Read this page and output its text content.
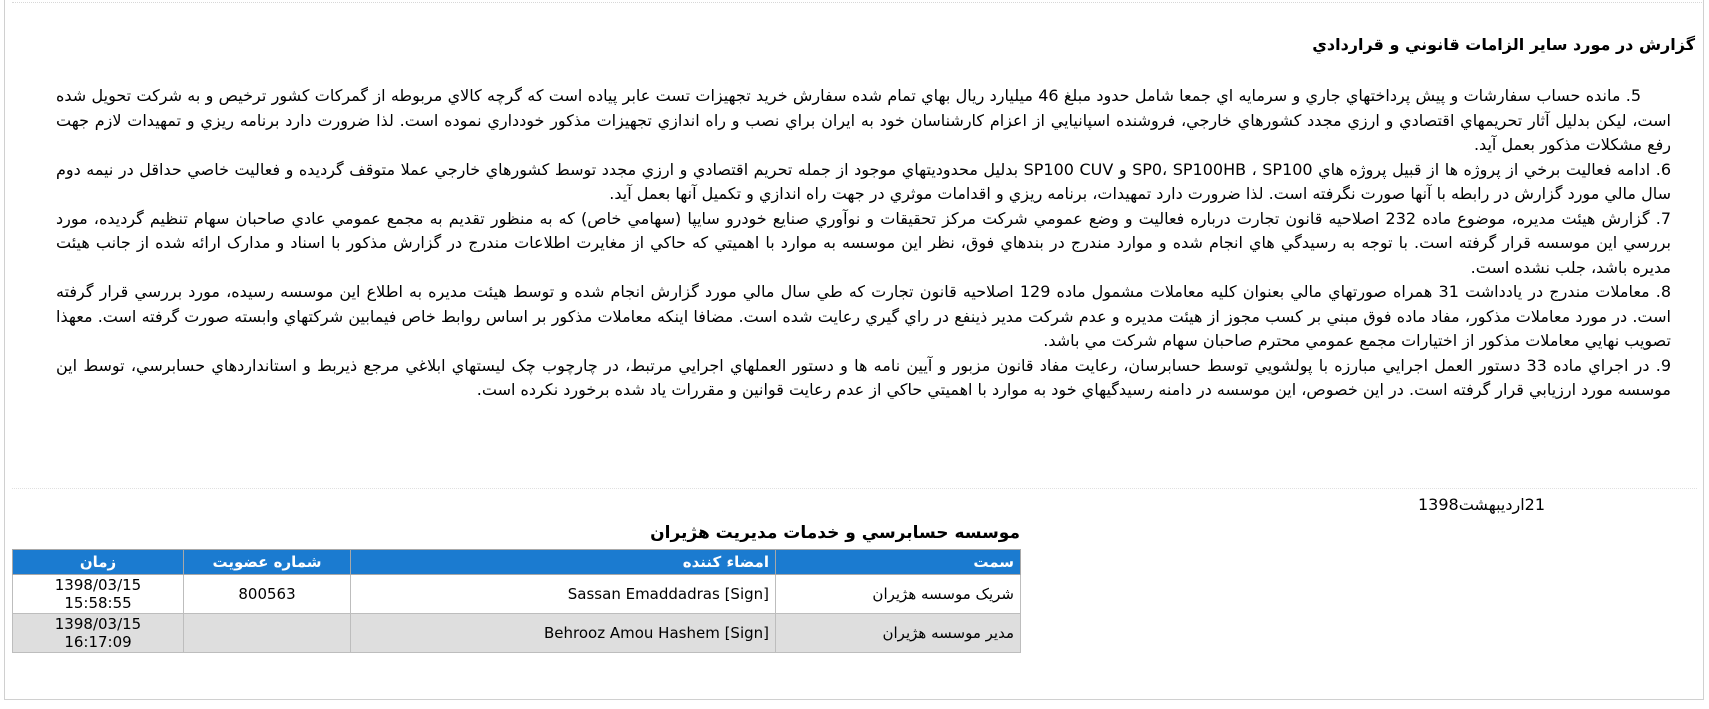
گزارش در مورد ساير الزامات قانوني و قراردادي

5. مانده حساب سفارشات و پيش پرداختهاي جاري و سرمايه اي جمعا شامل حدود مبلغ 46 ميليارد ريال بهاي تمام شده سفارش خريد تجهيزات تست عابر پياده است که گرچه کالاي مربوطه از گمرکات کشور ترخيص و به شرکت تحويل شده است، ليکن بدليل آثار تحريمهاي اقتصادي و ارزي مجدد کشورهاي خارجي، فروشنده اسپانيايي از اعزام کارشناسان خود به ايران براي نصب و راه اندازي تجهيزات مذکور خودداري نموده است. لذا ضرورت دارد برنامه ريزي و تمهيدات لازم جهت رفع مشکلات مذکور بعمل آيد.

6. ادامه فعاليت برخي از پروژه ها از قبيل پروژه هاي SP0، SP100HB ، SP100 و SP100 CUV بدليل محدوديتهاي موجود از جمله تحريم اقتصادي و ارزي مجدد توسط کشورهاي خارجي عملا متوقف گرديده و فعاليت خاصي حداقل در نيمه دوم سال مالي مورد گزارش در رابطه با آنها صورت نگرفته است. لذا ضرورت دارد تمهيدات، برنامه ريزي و اقدامات موثري در جهت راه اندازي و تکميل آنها بعمل آيد.

7. گزارش هيئت مديره، موضوع ماده 232 اصلاحيه قانون تجارت درباره فعاليت و وضع عمومي شرکت مرکز تحقيقات و نوآوري صنايع خودرو سايپا (سهامي خاص) که به منظور تقديم به مجمع عمومي عادي صاحبان سهام تنظيم گرديده، مورد بررسي اين موسسه قرار گرفته است. با توجه به رسيدگي هاي انجام شده و موارد مندرج در بندهاي فوق، نظر اين موسسه به موارد با اهميتي که حاکي از مغايرت اطلاعات مندرج در گزارش مذکور با اسناد و مدارک ارائه شده از جانب هيئت مديره باشد، جلب نشده است.

8. معاملات مندرج در يادداشت 31 همراه صورتهاي مالي بعنوان کليه معاملات مشمول ماده 129 اصلاحيه قانون تجارت که طي سال مالي مورد گزارش انجام شده و توسط هيئت مديره به اطلاع اين موسسه رسيده، مورد بررسي قرار گرفته است. در مورد معاملات مذکور، مفاد ماده فوق مبني بر کسب مجوز از هيئت مديره و عدم شرکت مدير ذينفع در راي گيري رعايت شده است. مضافا اينکه معاملات مذکور بر اساس روابط خاص فيمابين شرکتهاي وابسته صورت گرفته است. معهذا تصويب نهايي معاملات مذکور از اختيارات مجمع عمومي محترم صاحبان سهام شرکت مي باشد.

9. در اجراي ماده 33 دستور العمل اجرايي مبارزه با پولشويي توسط حسابرسان، رعايت مفاد قانون مزبور و آيين نامه ها و دستور العملهاي اجرايي مرتبط، در چارچوب چک ليستهاي ابلاغي مرجع ذيربط و استانداردهاي حسابرسي، توسط اين موسسه مورد ارزيابي قرار گرفته است. در اين خصوص، اين موسسه در دامنه رسيدگيهاي خود به موارد با اهميتي حاکي از عدم رعايت قوانين و مقررات ياد شده برخورد نکرده است.

21ارديبهشت1398
موسسه حسابرسي و خدمات مديريت هژيران
سمت	امضاء کننده	شماره عضويت	زمان
شريک موسسه هژيران	Sassan Emaddadras [Sign]	800563	1398/03/15 15:58:55
مدير موسسه هژيران	Behrooz Amou Hashem [Sign]		1398/03/15 16:17:09
